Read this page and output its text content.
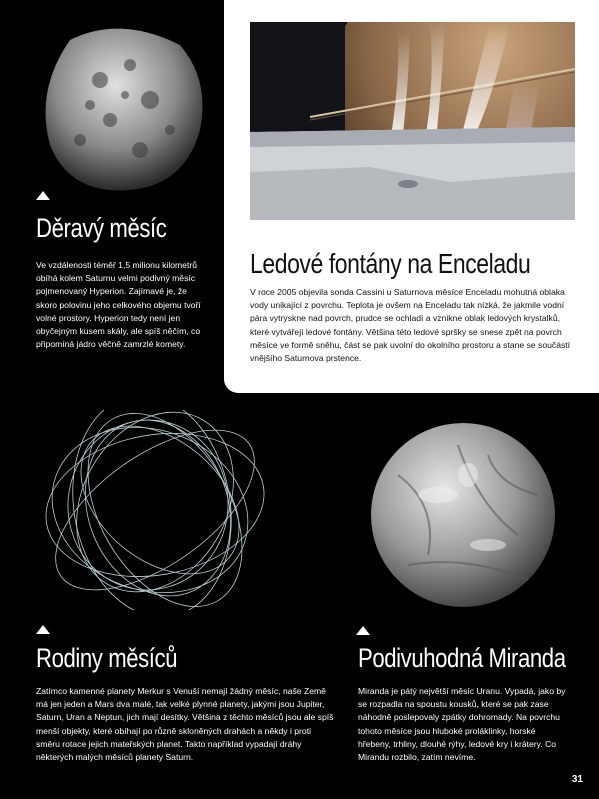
Ledové fontány na Enceladu
V roce 2005 objevila sonda Cassini u Saturnova měsíce Enceladu mohutná oblaka vody unikající z povrchu. Teplota je ovšem na Enceladu tak nízká, že jakmile vodní pára vytryskne nad povrch, prudce se ochladí a vznikne oblak ledových krystalků, které vytvářejí ledové fontány. Většina této ledové spršky se snese zpět na povrch měsíce ve formě sněhu, část se pak uvolní do okolního prostoru a stane se součástí vnějšího Saturnova prstence.
Děravý měsíc
Ve vzdálenosti téměř 1,5 milionu kilometrů obíhá kolem Saturnu velmi podivný měsíc pojmenovaný Hyperion. Zajímavé je, že skoro polovinu jeho celkového objemu tvoří volné prostory. Hyperion tedy není jen obyčejným kusem skály, ale spíš něčím, co připomíná jádro věčně zamrzlé komety.
Rodiny měsíců
Zatímco kamenné planety Merkur s Venuší nemají žádný měsíc, naše Země má jen jeden a Mars dva malé, tak velké plynné planety, jakými jsou Jupiter, Saturn, Uran a Neptun, jich mají desítky. Většina z těchto měsíců jsou ale spíš menší objekty, které obíhají po různě skloněných drahách a někdy i proti směru rotace jejich mateřských planet. Takto například vypadají dráhy některých malých měsíců planety Saturn.
Podivuhodná Miranda
Miranda je pátý největší měsíc Uranu. Vypadá, jako by se rozpadla na spoustu kousků, které se pak zase náhodně poslepovaly zpátky dohromady. Na povrchu tohoto měsíce jsou hluboké proláklinky, horské hřebeny, trhliny, dlouhé rýhy, ledové kry i krátery. Co Mirandu rozbilo, zatím nevíme.
31
